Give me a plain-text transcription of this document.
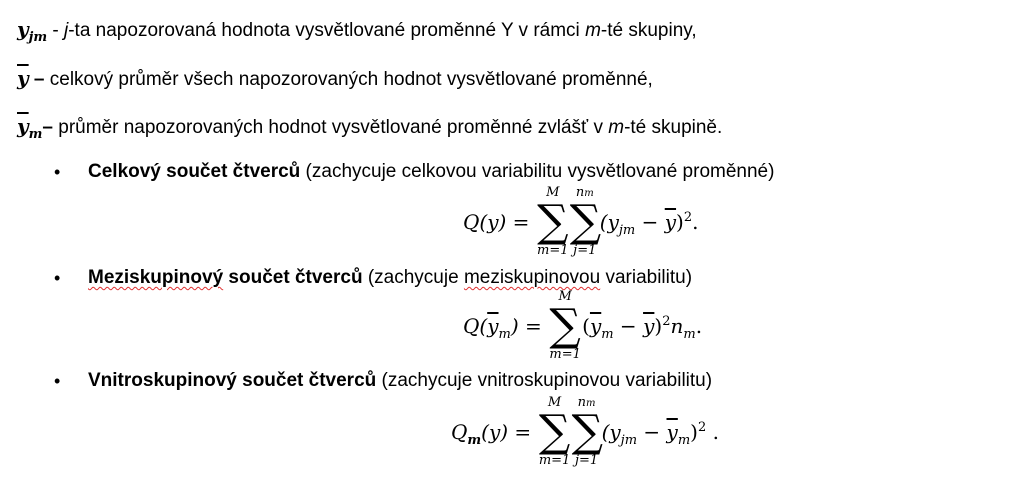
$y_{jm} - j-ta$ napozorovaná hodnota vysvětlované proměnné Y v rámci m-té skupiny,
$\overline{y}$ – celkový průměr všech napozorovaných hodnot vysvětlované proměnné,
$\overline{y}_m-$ průměr napozorovaných hodnot vysvětlované proměnné zvlášť v m-té skupině.
• Celkový součet čtverců (zachycuje celkovou variabilitu vysvětlované proměnné)
Q(y) =
M
∑
m=1
nm
∑
j=1
$(y_{jm} - \overline{y})^2$.
• Meziskupinový součet čtverců (zachycuje meziskupinovou variabilitu)
$Q(\overline{y}_m)$ =
M
∑
m=1
$(\overline{y}_m - \overline{y})^2n_m$.
• Vnitroskupinový součet čtverců (zachycuje vnitroskupinovou variabilitu)
$Q_m(y)$ =
M
∑
m=1
nm
∑
j=1
$(y_{jm} - \overline{y}_m)^2$ .
